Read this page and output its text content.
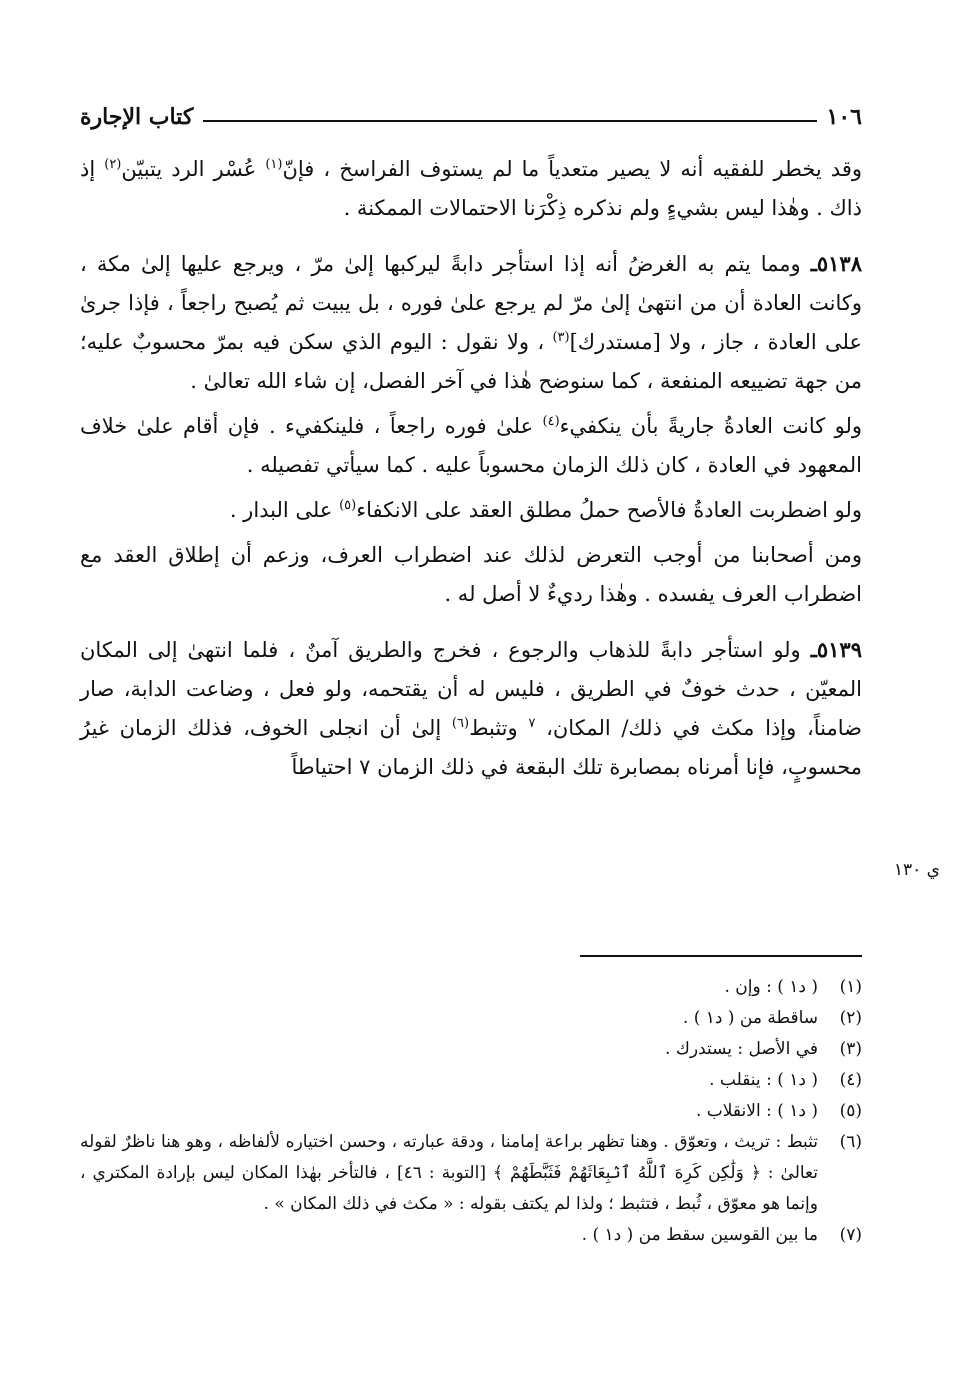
١٠٦
كتاب الإجارة

وقد يخطر للفقيه أنه لا يصير متعدياً ما لم يستوف الفراسخ ، فإنّ$^{(١)}$ عُسْر الرد يتبيّن$^{(٢)}$ إذ ذاك . وهٰذا ليس بشيءٍ ولم نذكره ذِكْرَنا الاحتمالات الممكنة .

٥١٣٨ـ ومما يتم به الغرضُ أنه إذا استأجر دابةً ليركبها إلىٰ مرّ ، ويرجع عليها إلىٰ مكة ، وكانت العادة أن من انتهىٰ إلىٰ مرّ لم يرجع علىٰ فوره ، بل يبيت ثم يُصبح راجعاً ، فإذا جرىٰ على العادة ، جاز ، ولا [مستدرك]$^{(٣)}$ ، ولا نقول : اليوم الذي سكن فيه بمرّ محسوبٌ عليه؛ من جهة تضييعه المنفعة ، كما سنوضح هٰذا في آخر الفصل، إن شاء الله تعالىٰ .

ولو كانت العادةُ جاريةً بأن ينكفيء$^{(٤)}$ علىٰ فوره راجعاً ، فلينكفيء . فإن أقام علىٰ خلاف المعهود في العادة ، كان ذلك الزمان محسوباً عليه . كما سيأتي تفصيله .

ولو اضطربت العادةُ فالأصح حملُ مطلق العقد على الانكفاء$^{(٥)}$ على البدار .

ومن أصحابنا من أوجب التعرض لذلك عند اضطراب العرف، وزعم أن إطلاق العقد مع اضطراب العرف يفسده . وهٰذا رديءٌ لا أصل له .

٥١٣٩ـ ولو استأجر دابةً للذهاب والرجوع ، فخرج والطريق آمنٌ ، فلما انتهىٰ إلى المكان المعيّن ، حدث خوفٌ في الطريق ، فليس له أن يقتحمه، ولو فعل ، وضاعت الدابة، صار ضامناً، وإذا مكث في ذلك/ المكان، $^٧$ وتثبط$^{(٦)}$ إلىٰ أن انجلى الخوف، فذلك الزمان غيرُ محسوبٍ، فإنا أمرناه بمصابرة تلك البقعة في ذلك الزمان ٧ احتياطاً

ي ١٣٠
(١)
( د١ ) : وإن .
(٢)
ساقطة من ( د١ ) .
(٣)
في الأصل : يستدرك .
(٤)
( د١ ) : ينقلب .
(٥)
( د١ ) : الانقلاب .
(٦)
تثبط : تريث ، وتعوّق . وهنا تظهر براعة إمامنا ، ودقة عبارته ، وحسن اختياره لألفاظه ، وهو هنا ناظرٌ لقوله تعالىٰ : ﴿ وَلَٰكِن كَرِهَ ٱللَّهُ ٱنۢبِعَاثَهُمْ فَثَبَّطَهُمْ ﴾ [التوبة : ٤٦] ، فالتأخر بهٰذا المكان ليس بإرادة المكتري ، وإنما هو معوّق ، ثُبط ، فتثبط ؛ ولذا لم يكتف بقوله : « مكث في ذلك المكان » .
(٧)
ما بين القوسين سقط من ( د١ ) .
